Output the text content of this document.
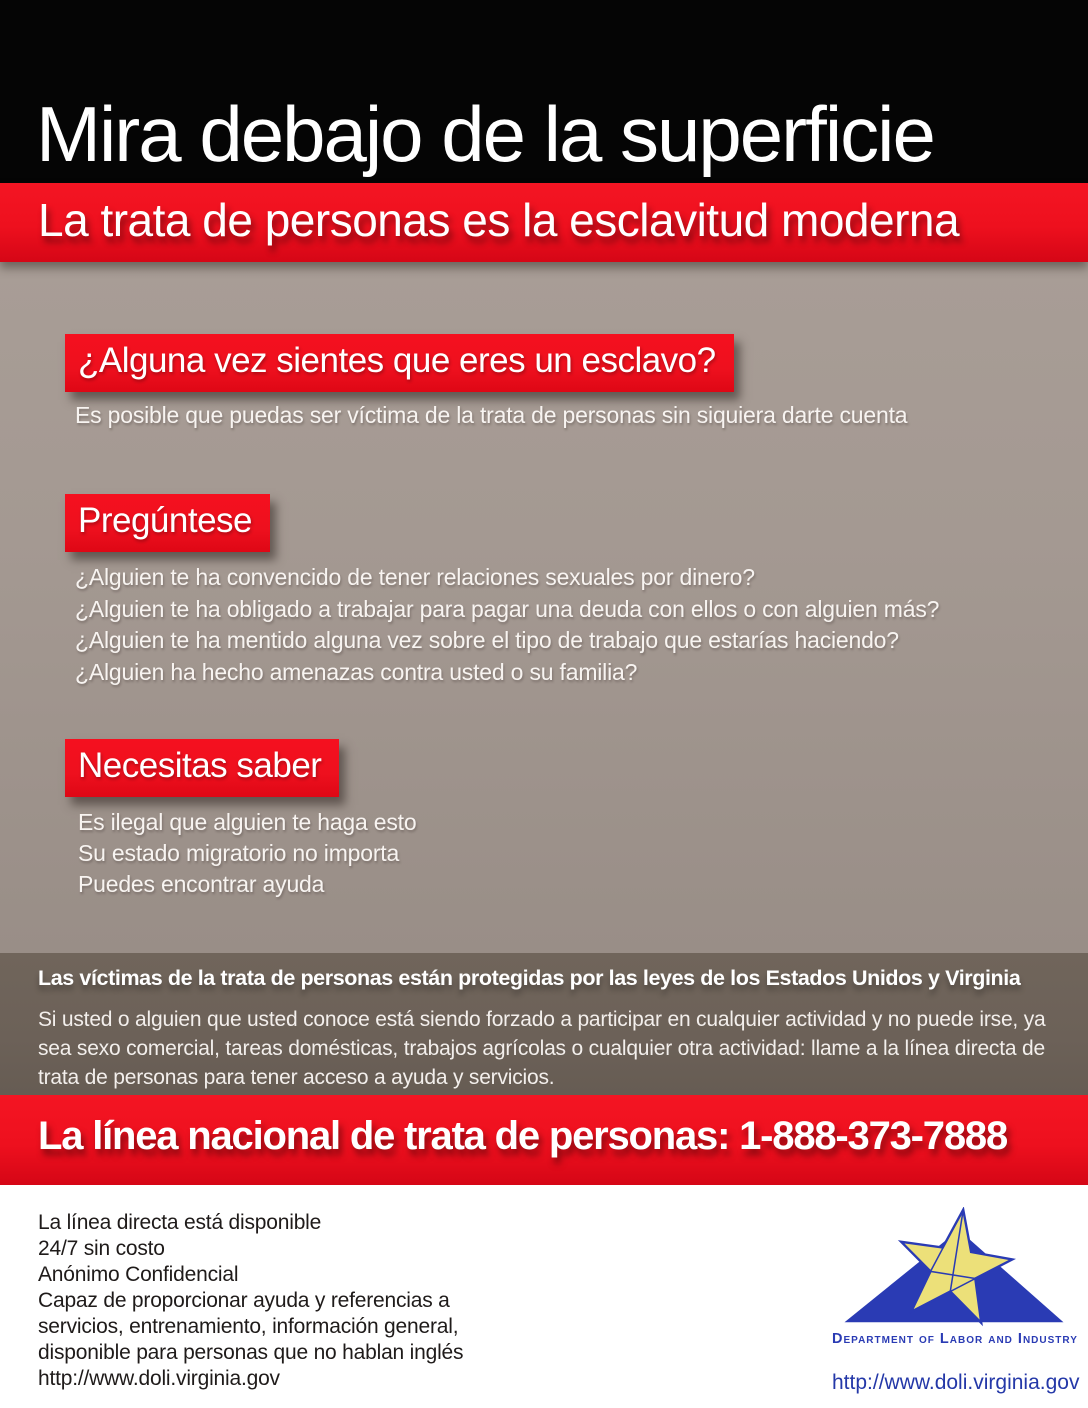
Mira debajo de la superficie
La trata de personas es la esclavitud moderna
¿Alguna vez sientes que eres un esclavo?
Es posible que puedas ser víctima de la trata de personas sin siquiera darte cuenta
Pregúntese
¿Alguien te ha convencido de tener relaciones sexuales por dinero?
¿Alguien te ha obligado a trabajar para pagar una deuda con ellos o con alguien más?
¿Alguien te ha mentido alguna vez sobre el tipo de trabajo que estarías haciendo?
¿Alguien ha hecho amenazas contra usted o su familia?
Necesitas saber
Es ilegal que alguien te haga esto
Su estado migratorio no importa
Puedes encontrar ayuda
Las víctimas de la trata de personas están protegidas por las leyes de los Estados Unidos y Virginia

Si usted o alguien que usted conoce está siendo forzado a participar en cualquier actividad y no puede irse, ya sea sexo comercial, tareas domésticas, trabajos agrícolas o cualquier otra actividad: llame a la línea directa de trata de personas para tener acceso a ayuda y servicios.

La línea nacional de trata de personas: 1-888-373-7888
La línea directa está disponible
24/7 sin costo
Anónimo Confidencial
Capaz de proporcionar ayuda y referencias a
servicios, entrenamiento, información general,
disponible para personas que no hablan inglés
http://www.doli.virginia.gov
Department of Labor and Industry
http://www.doli.virginia.gov
